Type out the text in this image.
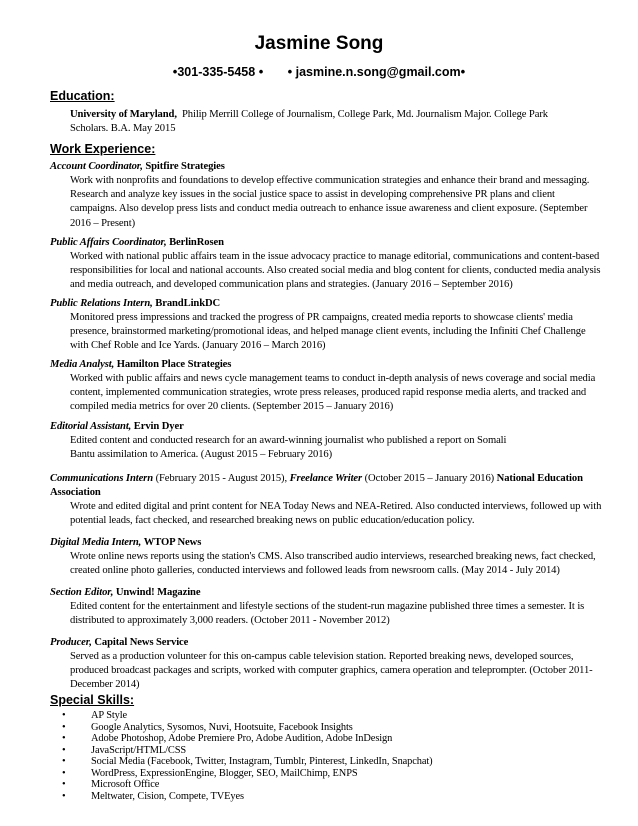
Jasmine Song
•301-335-5458 • • jasmine.n.song@gmail.com•
Education:
University of Maryland, Philip Merrill College of Journalism, College Park, Md. Journalism Major. College Park
Scholars. B.A. May 2015
Work Experience:
Account Coordinator, Spitfire Strategies
Work with nonprofits and foundations to develop effective communication strategies and enhance their brand and messaging.
Research and analyze key issues in the social justice space to assist in developing comprehensive PR plans and client
campaigns. Also develop press lists and conduct media outreach to enhance issue awareness and client exposure. (September
2016 – Present)
Public Affairs Coordinator, BerlinRosen
Worked with national public affairs team in the issue advocacy practice to manage editorial, communications and content-based
responsibilities for local and national accounts. Also created social media and blog content for clients, conducted media analysis
and media outreach, and developed communication plans and strategies. (January 2016 – September 2016)
Public Relations Intern, BrandLinkDC
Monitored press impressions and tracked the progress of PR campaigns, created media reports to showcase clients' media
presence, brainstormed marketing/promotional ideas, and helped manage client events, including the Infiniti Chef Challenge
with Chef Roble and Ice Yards. (January 2016 – March 2016)
Media Analyst, Hamilton Place Strategies
Worked with public affairs and news cycle management teams to conduct in-depth analysis of news coverage and social media
content, implemented communication strategies, wrote press releases, produced rapid response media alerts, and tracked and
compiled media metrics for over 20 clients. (September 2015 – January 2016)
Editorial Assistant, Ervin Dyer
Edited content and conducted research for an award-winning journalist who published a report on Somali
Bantu assimilation to America. (August 2015 – February 2016)
Communications Intern (February 2015 - August 2015), Freelance Writer (October 2015 – January 2016) National Education
Association
Wrote and edited digital and print content for NEA Today News and NEA-Retired. Also conducted interviews, followed up with
potential leads, fact checked, and researched breaking news on public education/education policy.
Digital Media Intern, WTOP News
Wrote online news reports using the station's CMS. Also transcribed audio interviews, researched breaking news, fact checked,
created online photo galleries, conducted interviews and followed leads from newsroom calls. (May 2014 - July 2014)
Section Editor, Unwind! Magazine
Edited content for the entertainment and lifestyle sections of the student-run magazine published three times a semester. It is
distributed to approximately 3,000 readers. (October 2011 - November 2012)
Producer, Capital News Service
Served as a production volunteer for this on-campus cable television station. Reported breaking news, developed sources,
produced broadcast packages and scripts, worked with computer graphics, camera operation and teleprompter. (October 2011-
December 2014)
Special Skills:
• AP Style
• Google Analytics, Sysomos, Nuvi, Hootsuite, Facebook Insights
• Adobe Photoshop, Adobe Premiere Pro, Adobe Audition, Adobe InDesign
• JavaScript/HTML/CSS
• Social Media (Facebook, Twitter, Instagram, Tumblr, Pinterest, LinkedIn, Snapchat)
• WordPress, ExpressionEngine, Blogger, SEO, MailChimp, ENPS
• Microsoft Office
• Meltwater, Cision, Compete, TVEyes
